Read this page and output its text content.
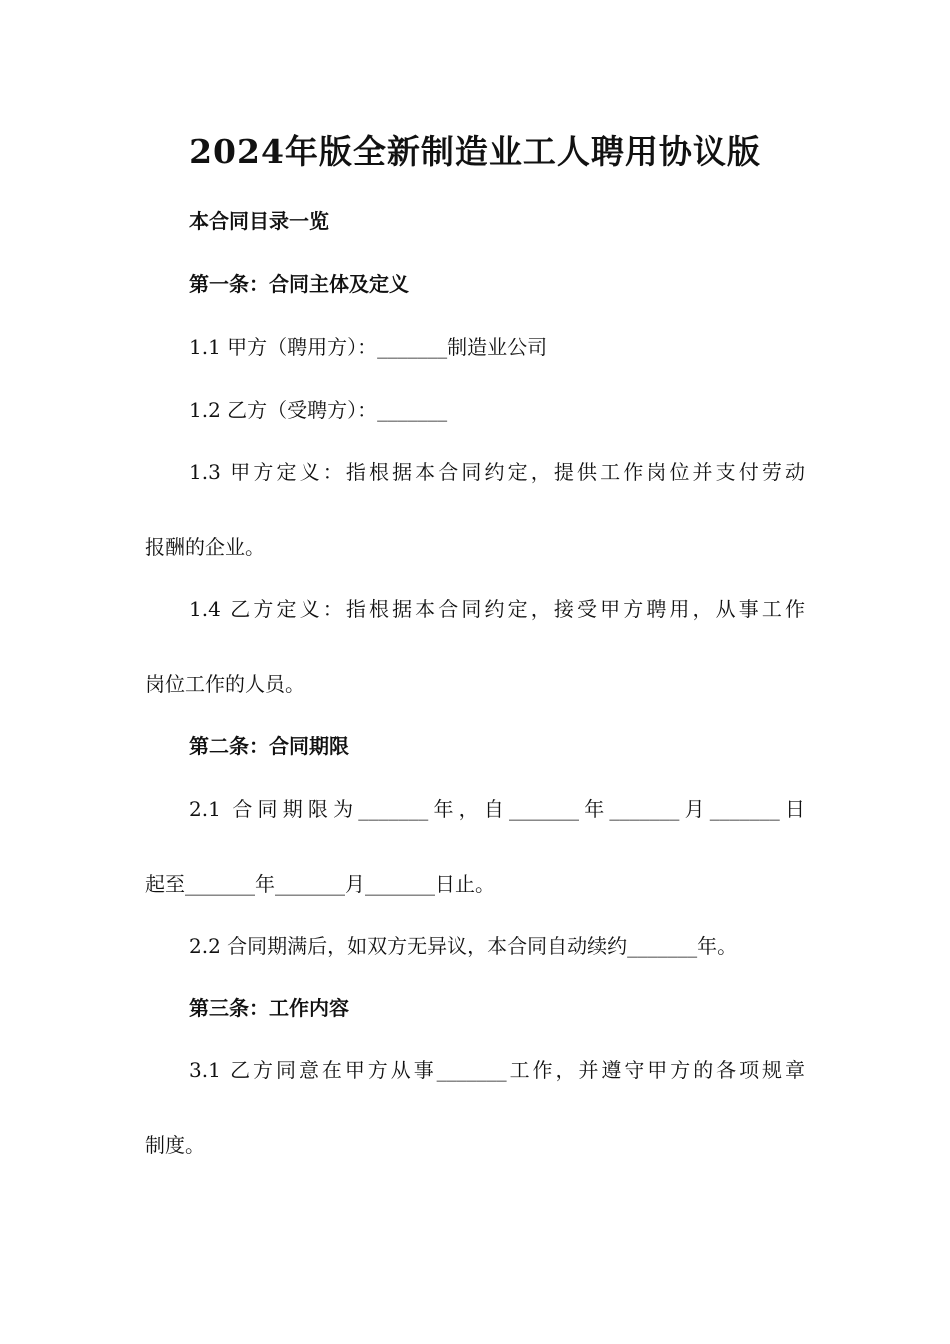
2024年版全新制造业工人聘用协议版

本合同目录一览

第一条：合同主体及定义

1.1 甲方（聘用方）：_______制造业公司

1.2 乙方（受聘方）：_______

1.3 甲方定义：指根据本合同约定，提供工作岗位并支付劳动

报酬的企业。

1.4 乙方定义：指根据本合同约定，接受甲方聘用，从事工作

岗位工作的人员。

第二条：合同期限

2.1 合同期限为_______年，自_______年_______月_______日

起至_______年_______月_______日止。

2.2 合同期满后，如双方无异议，本合同自动续约_______年。

第三条：工作内容

3.1 乙方同意在甲方从事_______工作，并遵守甲方的各项规章

制度。
